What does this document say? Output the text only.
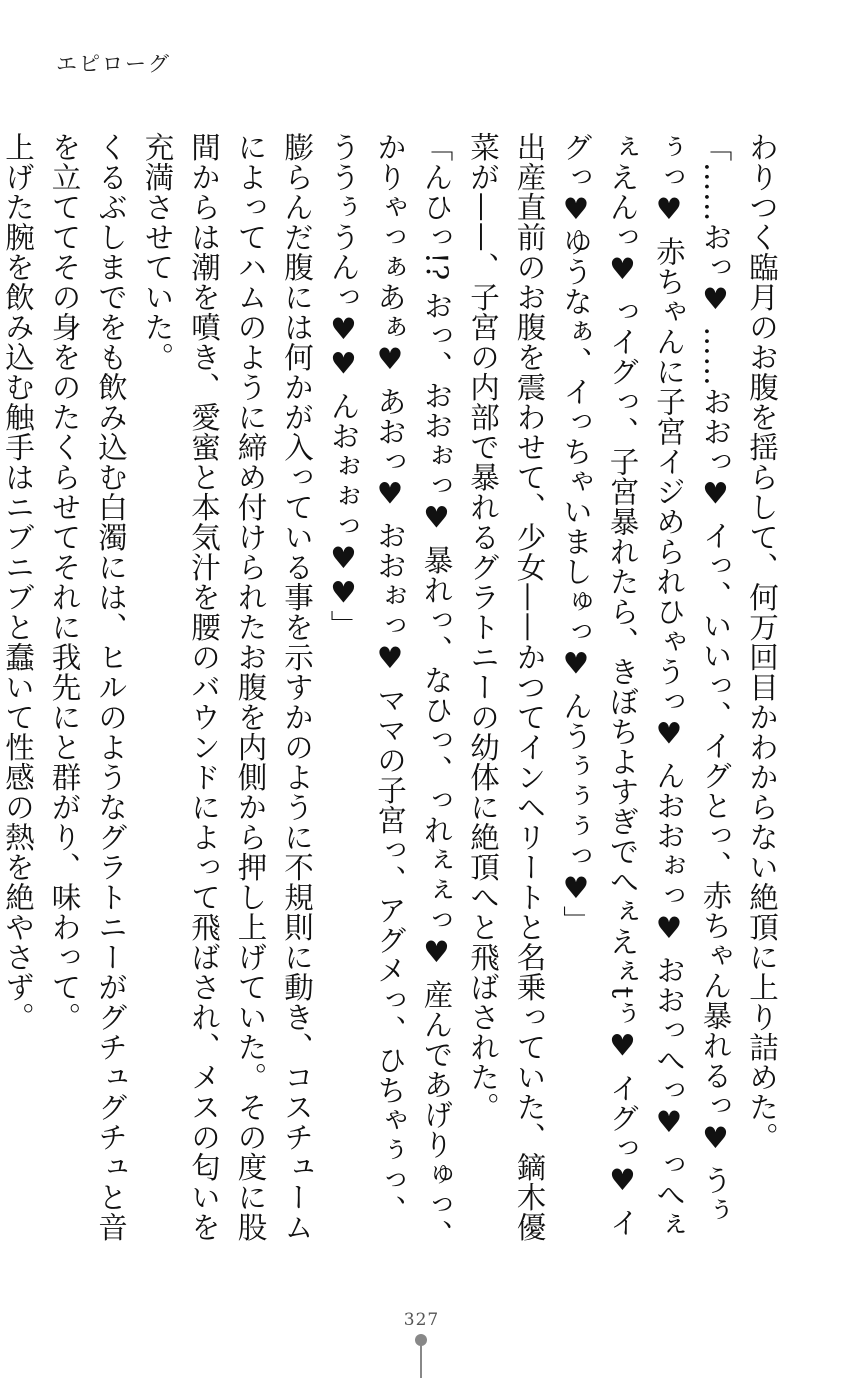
エピローグ

わりつく臨月のお腹を揺らして、何万回目かわからない絶頂に上り詰めた。

「……おっ♥ ……おおっ♥ イっ、いいっ、イグとっ、赤ちゃん暴れるっ♥ うぅぅっ♥ 赤ちゃんに子宮イジめられひゃうっ♥ んおおぉっ♥ おおっへっ♥ っへぇぇえんっ♥ っイグっ、子宮暴れたら、きぼちよすぎでへぇえぇtぅ♥ イグっ♥ イグっ♥ゆうなぁ、イっちゃいましゅっ♥ んうぅぅぅっ♥」

出産直前のお腹を震わせて、少女——かつてインヘリートと名乗っていた、鏑木優菜が——、子宮の内部で暴れるグラトニーの幼体に絶頂へと飛ばされた。

「んひっ!? おっ、おおぉっ♥ 暴れっ、なひっ、っれぇぇっ♥ 産んであげりゅっ、かりゃっぁあぁ♥ あおっ♥ おおぉっ♥ ママの子宮っ、アグメっ、ひちゃぅっ、ううぅうんっ♥♥ んおぉぉっ♥♥」

膨らんだ腹には何かが入っている事を示すかのように不規則に動き、コスチュームによってハムのように締め付けられたお腹を内側から押し上げていた。その度に股間からは潮を噴き、愛蜜と本気汁を腰のバウンドによって飛ばされ、メスの匂いを充満させていた。

くるぶしまでをも飲み込む白濁には、ヒルのようなグラトニーがグチュグチュと音を立ててその身をのたくらせてそれに我先にと群がり、味わって。

上げた腕を飲み込む触手はニブニブと蠢いて性感の熱を絶やさず。

327
